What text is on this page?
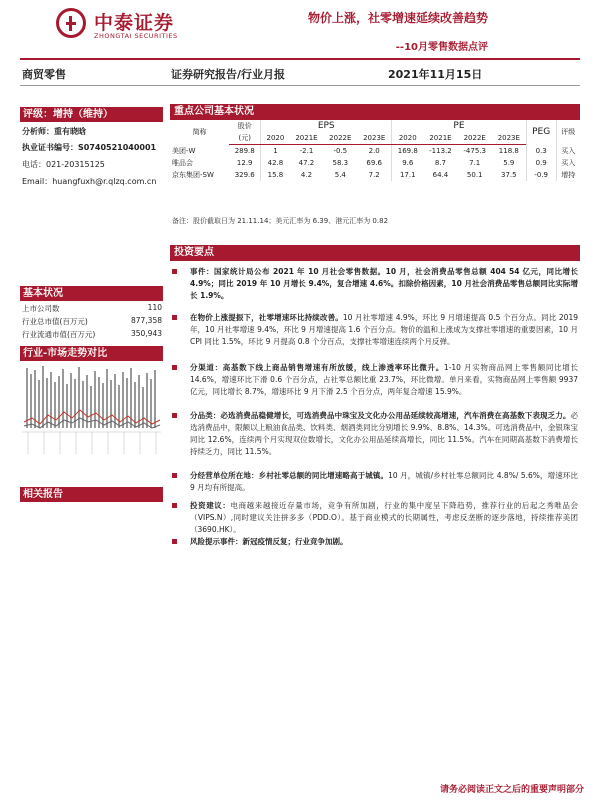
中泰证券
ZHONGTAI SECURITIES
物价上涨，社零增速延续改善趋势
--10月零售数据点评
商贸零售	证券研究报告/行业月报	2021年11月15日
评级：增持（维持）
分析师：重有晓晗
执业证书编号：S0740521040001
电话：021-20315125
Email：huangfuxh@r.qlzq.com.cn
基本状况
上市公司数	110
行业总市值(百万元)	877,358
行业流通市值(百万元)	350,943
行业-市场走势对比
相关报告
重点公司基本状况
简称	股价	EPS				PE				PEG	评级
	(元)	2020	2021E	2022E	2023E	2020	2021E	2022E	2023E		
美团-W	289.8	1	-2.1	-0.5	2.0	169.8	-113.2	-475.3	118.8	0.3	买入
唯品会	12.9	42.8	47.2	58.3	69.6	9.6	8.7	7.1	5.9	0.9	买入
京东集团-SW	329.6	15.8	4.2	5.4	7.2	17.1	64.4	50.1	37.5	-0.9	增持
备注：股价截取日为 21.11.14；美元汇率为 6.39、港元汇率为 0.82
投资要点
事件：国家统计局公布 2021 年 10 月社会零售数据。10 月，社会消费品零售总额 404 54 亿元，同比增长 4.9%；同比 2019 年 10 月增长 9.4%，复合增速 4.6%。扣除价格因素，10 月社会消费品零售总额同比实际增长 1.9%。
在物价上涨提振下，社零增速环比持续改善。10 月社零增速 4.9%，环比 9 月增速提高 0.5 个百分点。同比 2019 年，10 月社零增速 9.4%，环比 9 月增速提高 1.6 个百分点。物价的温和上涨成为支撑社零增速的重要因素，10 月 CPI 同比 1.5%，环比 9 月提高 0.8 个分百点，支撑社零增速连续两个月反弹。
分渠道：高基数下线上商品销售增速有所放缓，线上渗透率环比微升。1-10 月实物商品网上零售额同比增长 14.6%，增速环比下滑 0.6 个百分点，占社零总额比重 23.7%，环比微增。单月来看，实物商品网上零售额 9937 亿元，同比增长 8.7%，增速环比 9 月下滑 2.5 个百分点，两年复合增速 15.9%。
分品类：必选消费品稳健增长，可选消费品中珠宝及文化办公用品延续较高增速，汽车消费在高基数下表现乏力。必选消费品中，限额以上粮油食品类、饮料类、烟酒类同比分别增长 9.9%、8.8%、14.3%。可选消费品中，金银珠宝同比 12.6%，连续两个月实现双位数增长，文化办公用品延续高增长，同比 11.5%。汽车在同期高基数下消费增长持续乏力，同比 11.5%。
分经营单位所在地：乡村社零总额的同比增速略高于城镇。10 月，城镇/乡村社零总额同比 4.8%/ 5.6%，增速环比 9 月均有所提高。
投资建议：电商越来越接近存量市场，竞争有所加剧，行业的集中度呈下降趋势，推荐行业的后起之秀唯品会（VIPS.N）,同时建议关注拼多多（PDD.O）。基于商业模式的长期属性，考虑反垄断的逐步落地，持续推荐美团（3690.HK）。
风险提示事件：新冠疫情反复；行业竞争加剧。
请务必阅读正文之后的重要声明部分
